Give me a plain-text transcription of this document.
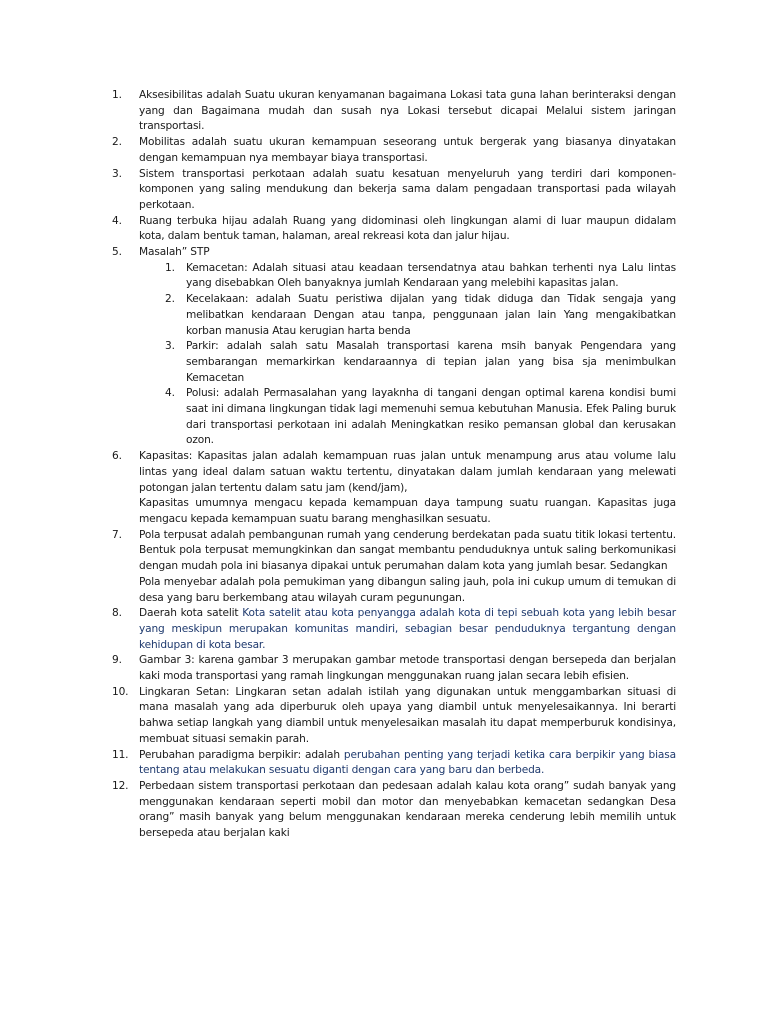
1.	Aksesibilitas adalah Suatu ukuran kenyamanan bagaimana Lokasi tata guna lahan berinteraksi dengan yang dan Bagaimana mudah dan susah nya Lokasi tersebut dicapai Melalui sistem jaringan transportasi.
2.	Mobilitas adalah suatu ukuran kemampuan seseorang untuk bergerak yang biasanya dinyatakan dengan kemampuan nya membayar biaya transportasi.
3.	Sistem transportasi perkotaan adalah suatu kesatuan menyeluruh yang terdiri dari komponen-komponen yang saling mendukung dan bekerja sama dalam pengadaan transportasi pada wilayah perkotaan.
4.	Ruang terbuka hijau adalah Ruang yang didominasi oleh lingkungan alami di luar maupun didalam kota, dalam bentuk taman, halaman, areal rekreasi kota dan jalur hijau.
5.	Masalah” STP
1. Kemacetan: Adalah situasi atau keadaan tersendatnya atau bahkan terhenti nya Lalu lintas yang disebabkan Oleh banyaknya jumlah Kendaraan yang melebihi kapasitas jalan.
2. Kecelakaan: adalah Suatu peristiwa dijalan yang tidak diduga dan Tidak sengaja yang melibatkan kendaraan Dengan atau tanpa, penggunaan jalan lain Yang mengakibatkan korban manusia Atau kerugian harta benda
3. Parkir: adalah salah satu Masalah transportasi karena msih banyak Pengendara yang sembarangan memarkirkan kendaraannya di tepian jalan yang bisa sja menimbulkan Kemacetan
4. Polusi: adalah Permasalahan yang layaknha di tangani dengan optimal karena kondisi bumi saat ini dimana lingkungan tidak lagi memenuhi semua kebutuhan Manusia. Efek Paling buruk dari transportasi perkotaan ini adalah Meningkatkan resiko pemansan global dan kerusakan ozon.
6.	Kapasitas: Kapasitas jalan adalah kemampuan ruas jalan untuk menampung arus atau volume lalu lintas yang ideal dalam satuan waktu tertentu, dinyatakan dalam jumlah kendaraan yang melewati potongan jalan tertentu dalam satu jam (kend/jam),

Kapasitas umumnya mengacu kepada kemampuan daya tampung suatu ruangan. Kapasitas juga mengacu kepada kemampuan suatu barang menghasilkan sesuatu.

7.	Pola terpusat adalah pembangunan rumah yang cenderung berdekatan pada suatu titik lokasi tertentu. Bentuk pola terpusat memungkinkan dan sangat membantu penduduknya untuk saling berkomunikasi dengan mudah pola ini biasanya dipakai untuk perumahan dalam kota yang jumlah besar. Sedangkan

Pola menyebar adalah pola pemukiman yang dibangun saling jauh, pola ini cukup umum di temukan di desa yang baru berkembang atau wilayah curam pegunungan.

8.	Daerah kota satelit Kota satelit atau kota penyangga adalah kota di tepi sebuah kota yang lebih besar yang meskipun merupakan komunitas mandiri, sebagian besar penduduknya tergantung dengan kehidupan di kota besar.
9.	Gambar 3: karena gambar 3 merupakan gambar metode transportasi dengan bersepeda dan berjalan kaki moda transportasi yang ramah lingkungan menggunakan ruang jalan secara lebih efisien.
10. Lingkaran Setan: Lingkaran setan adalah istilah yang digunakan untuk menggambarkan situasi di mana masalah yang ada diperburuk oleh upaya yang diambil untuk menyelesaikannya. Ini berarti bahwa setiap langkah yang diambil untuk menyelesaikan masalah itu dapat memperburuk kondisinya, membuat situasi semakin parah.
11. Perubahan paradigma berpikir: adalah perubahan penting yang terjadi ketika cara berpikir yang biasa tentang atau melakukan sesuatu diganti dengan cara yang baru dan berbeda.
12. Perbedaan sistem transportasi perkotaan dan pedesaan adalah kalau kota orang” sudah banyak yang menggunakan kendaraan seperti mobil dan motor dan menyebabkan kemacetan sedangkan Desa orang” masih banyak yang belum menggunakan kendaraan mereka cenderung lebih memilih untuk bersepeda atau berjalan kaki
